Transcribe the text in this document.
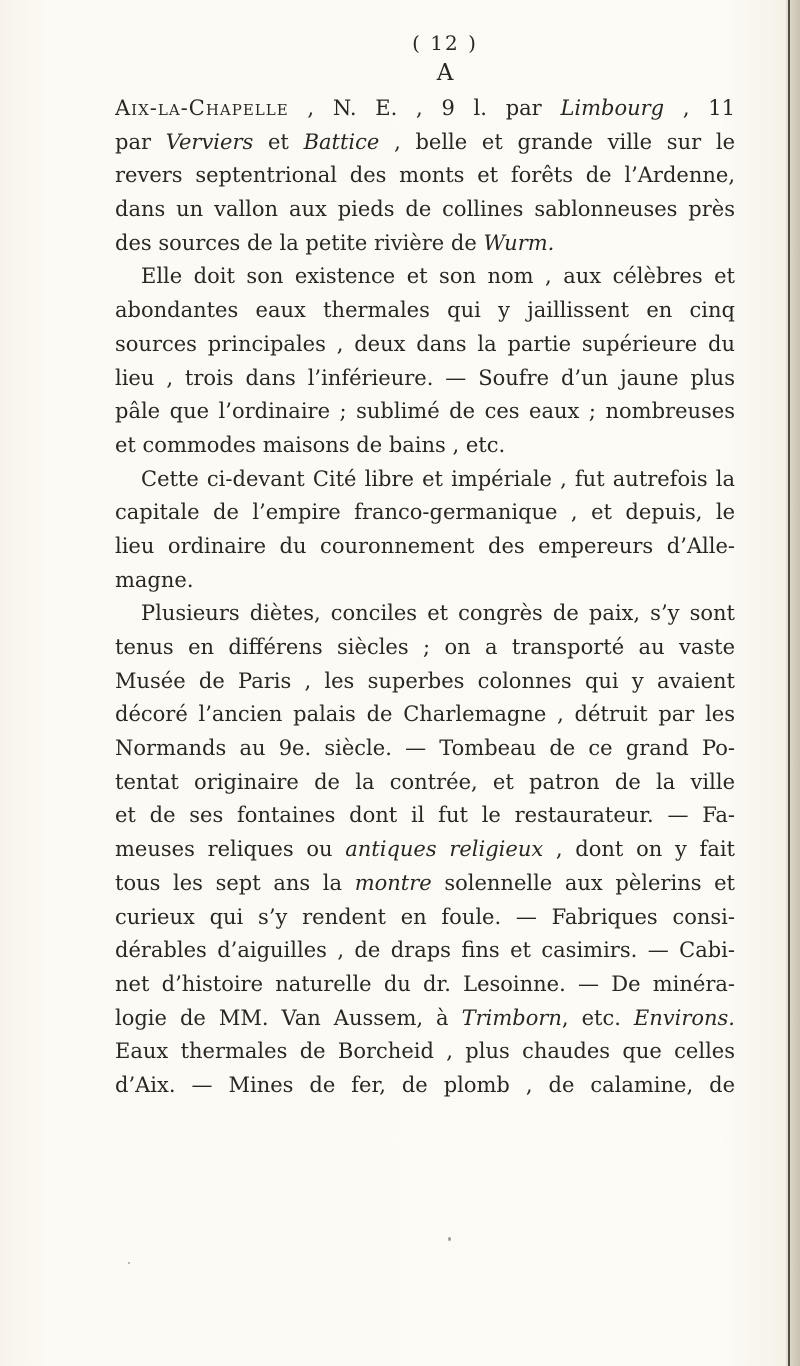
( 12 )
A
Aix-la-Chapelle , N. E. , 9 l. par Limbourg , 11
par Verviers et Battice , belle et grande ville sur le
revers septentrional des monts et forêts de l’Ardenne,
dans un vallon aux pieds de collines sablonneuses près
des sources de la petite rivière de Wurm.
Elle doit son existence et son nom , aux célèbres et
abondantes eaux thermales qui y jaillissent en cinq
sources principales , deux dans la partie supérieure du
lieu , trois dans l’inférieure. — Soufre d’un jaune plus
pâle que l’ordinaire ; sublimé de ces eaux ; nombreuses
et commodes maisons de bains , etc.
Cette ci-devant Cité libre et impériale , fut autrefois la
capitale de l’empire franco-germanique , et depuis, le
lieu ordinaire du couronnement des empereurs d’Alle-
magne.
Plusieurs diètes, conciles et congrès de paix, s’y sont
tenus en différens siècles ; on a transporté au vaste
Musée de Paris , les superbes colonnes qui y avaient
décoré l’ancien palais de Charlemagne , détruit par les
Normands au 9e. siècle. — Tombeau de ce grand Po-
tentat originaire de la contrée, et patron de la ville
et de ses fontaines dont il fut le restaurateur. — Fa-
meuses reliques ou antiques religieux , dont on y fait
tous les sept ans la montre solennelle aux pèlerins et
curieux qui s’y rendent en foule. — Fabriques consi-
dérables d’aiguilles , de draps fins et casimirs. — Cabi-
net d’histoire naturelle du dr. Lesoinne. — De minéra-
logie de MM. Van Aussem, à Trimborn, etc. Environs.
Eaux thermales de Borcheid , plus chaudes que celles
d’Aix. — Mines de fer, de plomb , de calamine, de
